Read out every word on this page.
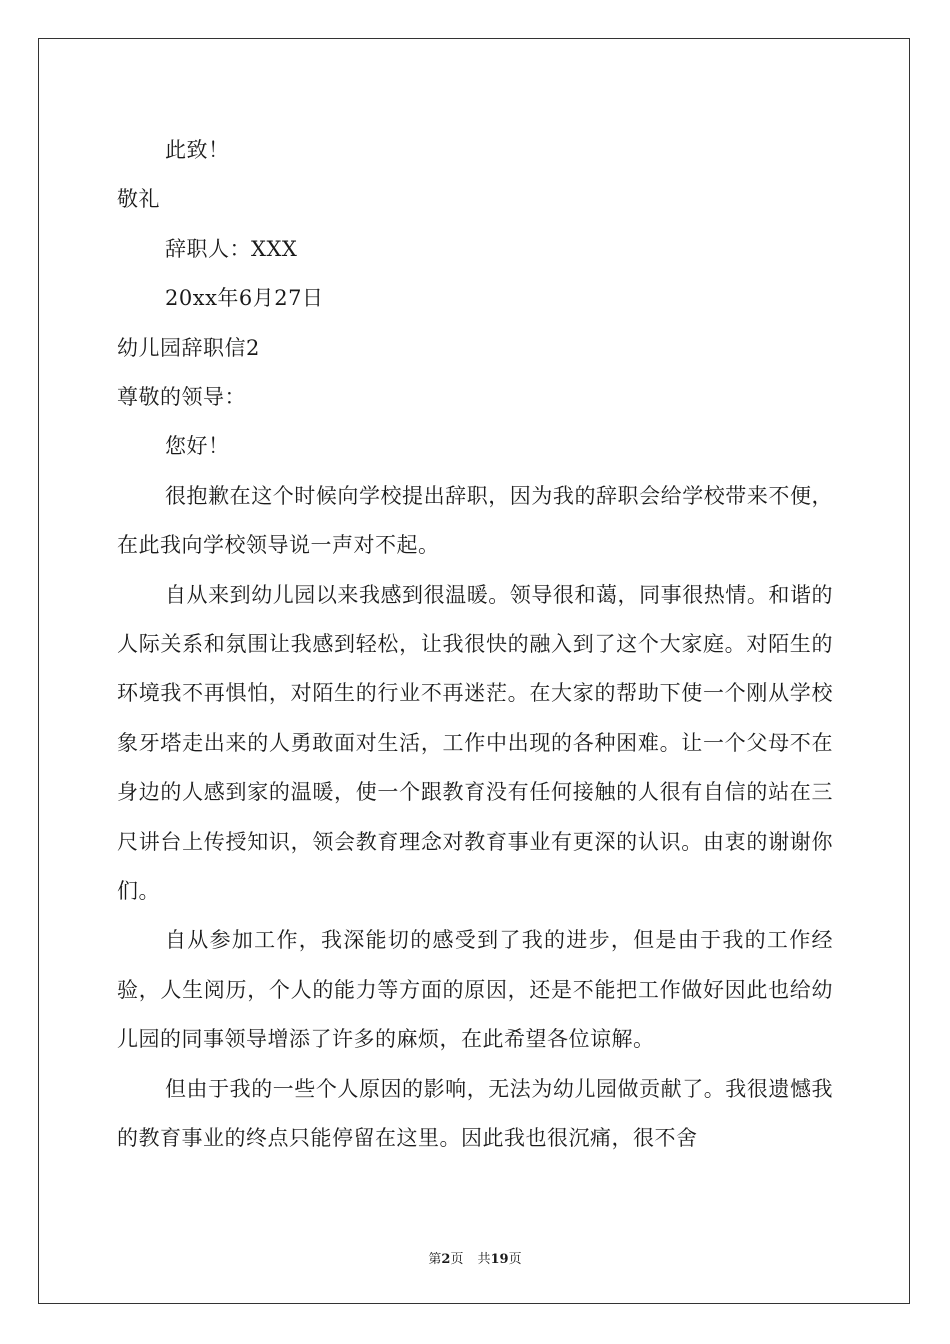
此致！
敬礼
辞职人：XXX
20xx年6月27日
幼儿园辞职信2
尊敬的领导：
您好！
很抱歉在这个时候向学校提出辞职，因为我的辞职会给学校带来不便，在此我向学校领导说一声对不起。
自从来到幼儿园以来我感到很温暖。领导很和蔼，同事很热情。和谐的人际关系和氛围让我感到轻松，让我很快的融入到了这个大家庭。对陌生的环境我不再惧怕，对陌生的行业不再迷茫。在大家的帮助下使一个刚从学校象牙塔走出来的人勇敢面对生活，工作中出现的各种困难。让一个父母不在身边的人感到家的温暖，使一个跟教育没有任何接触的人很有自信的站在三尺讲台上传授知识，领会教育理念对教育事业有更深的认识。由衷的谢谢你们。
自从参加工作，我深能切的感受到了我的进步，但是由于我的工作经验，人生阅历，个人的能力等方面的原因，还是不能把工作做好因此也给幼儿园的同事领导增添了许多的麻烦，在此希望各位谅解。
但由于我的一些个人原因的影响，无法为幼儿园做贡献了。我很遗憾我的教育事业的终点只能停留在这里。因此我也很沉痛，很不舍
第2页 共19页
